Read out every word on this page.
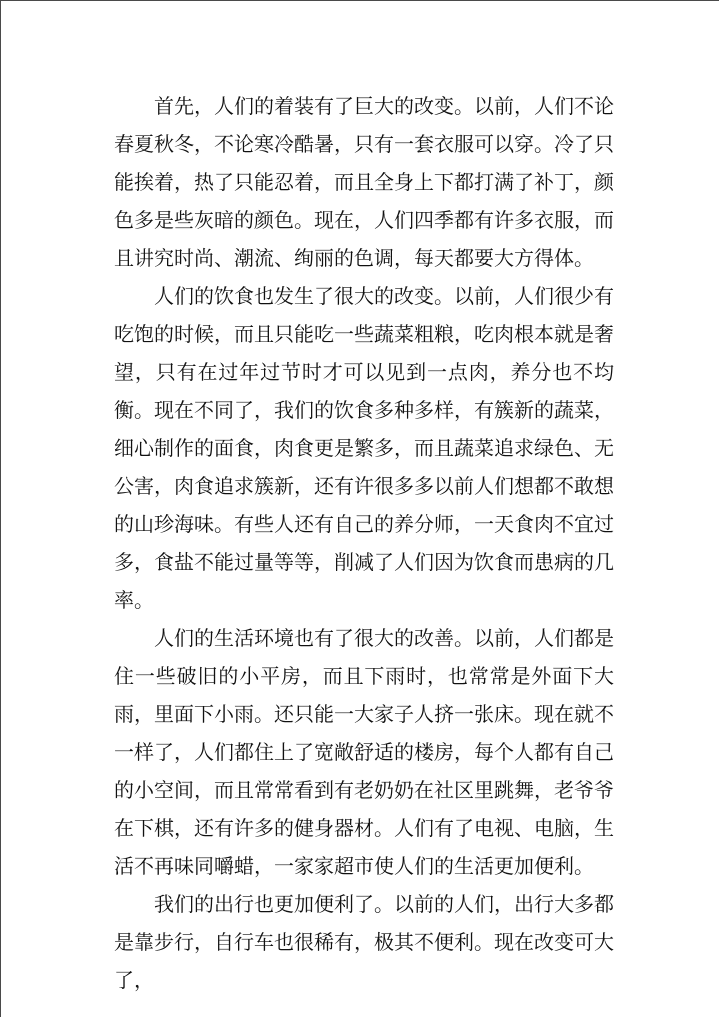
首先，人们的着装有了巨大的改变。以前，人们不论春夏秋冬，不论寒冷酷暑，只有一套衣服可以穿。冷了只能挨着，热了只能忍着，而且全身上下都打满了补丁，颜色多是些灰暗的颜色。现在，人们四季都有许多衣服，而且讲究时尚、潮流、绚丽的色调，每天都要大方得体。

人们的饮食也发生了很大的改变。以前，人们很少有吃饱的时候，而且只能吃一些蔬菜粗粮，吃肉根本就是奢望，只有在过年过节时才可以见到一点肉，养分也不均衡。现在不同了，我们的饮食多种多样，有簇新的蔬菜，细心制作的面食，肉食更是繁多，而且蔬菜追求绿色、无公害，肉食追求簇新，还有许很多多以前人们想都不敢想的山珍海味。有些人还有自己的养分师，一天食肉不宜过多，食盐不能过量等等，削减了人们因为饮食而患病的几率。

人们的生活环境也有了很大的改善。以前，人们都是住一些破旧的小平房，而且下雨时，也常常是外面下大雨，里面下小雨。还只能一大家子人挤一张床。现在就不一样了，人们都住上了宽敞舒适的楼房，每个人都有自己的小空间，而且常常看到有老奶奶在社区里跳舞，老爷爷在下棋，还有许多的健身器材。人们有了电视、电脑，生活不再味同嚼蜡，一家家超市使人们的生活更加便利。

我们的出行也更加便利了。以前的人们，出行大多都是靠步行，自行车也很稀有，极其不便利。现在改变可大了，
